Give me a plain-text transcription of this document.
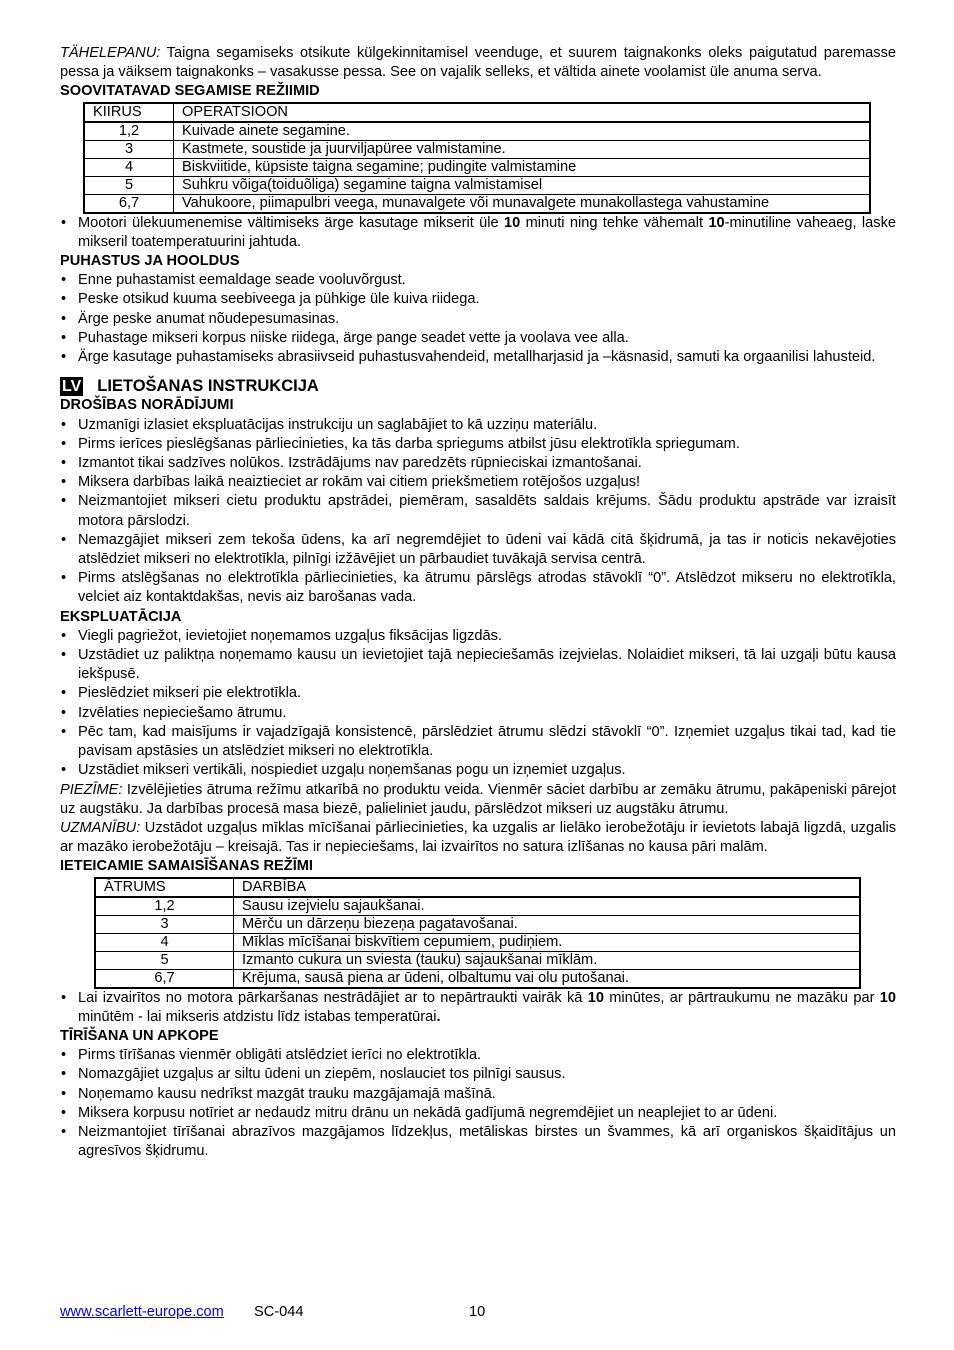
TÄHELEPANU: Taigna segamiseks otsikute külgekinnitamisel veenduge, et suurem taignakonks oleks paigutatud paremasse pessa ja väiksem taignakonks – vasakusse pessa. See on vajalik selleks, et vältida ainete voolamist üle anuma serva.

SOOVITATAVAD SEGAMISE REŽIIMID

KIIRUS	OPERATSIOON
1,2	Kuivade ainete segamine.
3	Kastmete, soustide ja juurviljapüree valmistamine.
4	Biskviitide, küpsiste taigna segamine; pudingite valmistamine
5	Suhkru võiga(toiduõliga) segamine taigna valmistamisel
6,7	Vahukoore, piimapulbri veega, munavalgete või munavalgete munakollastega vahustamine
• Mootori ülekuumenemise vältimiseks ärge kasutage mikserit üle 10 minuti ning tehke vähemalt 10-minutiline vaheaeg, laske mikseril toatemperatuurini jahtuda.

PUHASTUS JA HOOLDUS

• Enne puhastamist eemaldage seade vooluvõrgust.
• Peske otsikud kuuma seebiveega ja pühkige üle kuiva riidega.
• Ärge peske anumat nõudepesumasinas.
• Puhastage mikseri korpus niiske riidega, ärge pange seadet vette ja voolava vee alla.
• Ärge kasutage puhastamiseks abrasiivseid puhastusvahendeid, metallharjasid ja –käsnasid, samuti ka orgaanilisi lahusteid.
LV LIETOŠANAS INSTRUKCIJA

DROŠĪBAS NORĀDĪJUMI

• Uzmanīgi izlasiet ekspluatācijas instrukciju un saglabājiet to kā uzziņu materiālu.
• Pirms ierīces pieslēgšanas pārliecinieties, ka tās darba spriegums atbilst jūsu elektrotīkla spriegumam.
• Izmantot tikai sadzīves nolūkos. Izstrādājums nav paredzēts rūpnieciskai izmantošanai.
• Miksera darbības laikā neaiztieciet ar rokām vai citiem priekšmetiem rotējošos uzgaļus!
• Neizmantojiet mikseri cietu produktu apstrādei, piemēram, sasaldēts saldais krējums. Šādu produktu apstrāde var izraisīt motora pārslodzi.
• Nemazgājiet mikseri zem tekoša ūdens, ka arī negremdējiet to ūdeni vai kādā citā šķidrumā, ja tas ir noticis nekavējoties atslēdziet mikseri no elektrotīkla, pilnīgi izžāvējiet un pārbaudiet tuvākajā servisa centrā.
• Pirms atslēgšanas no elektrotīkla pārliecinieties, ka ātrumu pārslēgs atrodas stāvoklī “0”. Atslēdzot mikseru no elektrotīkla, velciet aiz kontaktdakšas, nevis aiz barošanas vada.

EKSPLUATĀCIJA

• Viegli pagriežot, ievietojiet noņemamos uzgaļus fiksācijas ligzdās.
• Uzstādiet uz paliktņa noņemamo kausu un ievietojiet tajā nepieciešamās izejvielas. Nolaidiet mikseri, tā lai uzgaļi būtu kausa iekšpusē.
• Pieslēdziet mikseri pie elektrotīkla.
• Izvēlaties nepieciešamo ātrumu.
• Pēc tam, kad maisījums ir vajadzīgajā konsistencē, pārslēdziet ātrumu slēdzi stāvoklī “0”. Izņemiet uzgaļus tikai tad, kad tie pavisam apstāsies un atslēdziet mikseri no elektrotīkla.
• Uzstādiet mikseri vertikāli, nospiediet uzgaļu noņemšanas pogu un izņemiet uzgaļus.

PIEZĪME: Izvēlējieties ātruma režīmu atkarībā no produktu veida. Vienmēr sāciet darbību ar zemāku ātrumu, pakāpeniski pārejot uz augstāku. Ja darbības procesā masa biezē, palieliniet jaudu, pārslēdzot mikseri uz augstāku ātrumu.

UZMANĪBU: Uzstādot uzgaļus mīklas mīcīšanai pārliecinieties, ka uzgalis ar lielāko ierobežotāju ir ievietots labajā ligzdā, uzgalis ar mazāko ierobežotāju – kreisajā. Tas ir nepieciešams, lai izvairītos no satura izlīšanas no kausa pāri malām.

IETEICAMIE SAMAISĪŠANAS REŽĪMI

ĀTRUMS	DARBĪBA
1,2	Sausu izejvielu sajaukšanai.
3	Mērču un dārzeņu biezeņa pagatavošanai.
4	Mīklas mīcīšanai biskvītiem cepumiem, pudiņiem.
5	Izmanto cukura un sviesta (tauku) sajaukšanai mīklām.
6,7	Krējuma, sausā piena ar ūdeni, olbaltumu vai olu putošanai.
• Lai izvairītos no motora pārkaršanas nestrādājiet ar to nepārtraukti vairāk kā 10 minūtes, ar pārtraukumu ne mazāku par 10 minūtēm - lai mikseris atdzistu līdz istabas temperatūrai.

TĪRĪŠANA UN APKOPE

• Pirms tīrīšanas vienmēr obligāti atslēdziet ierīci no elektrotīkla.
• Nomazgājiet uzgaļus ar siltu ūdeni un ziepēm, noslauciet tos pilnīgi sausus.
• Noņemamo kausu nedrīkst mazgāt trauku mazgājamajā mašīnā.
• Miksera korpusu notīriet ar nedaudz mitru drānu un nekādā gadījumā negremdējiet un neaplejiet to ar ūdeni.
• Neizmantojiet tīrīšanai abrazīvos mazgājamos līdzekļus, metāliskas birstes un švammes, kā arī organiskos šķaidītājus un agresīvos šķidrumu.
www.scarlett-europe.com SC-044	10
